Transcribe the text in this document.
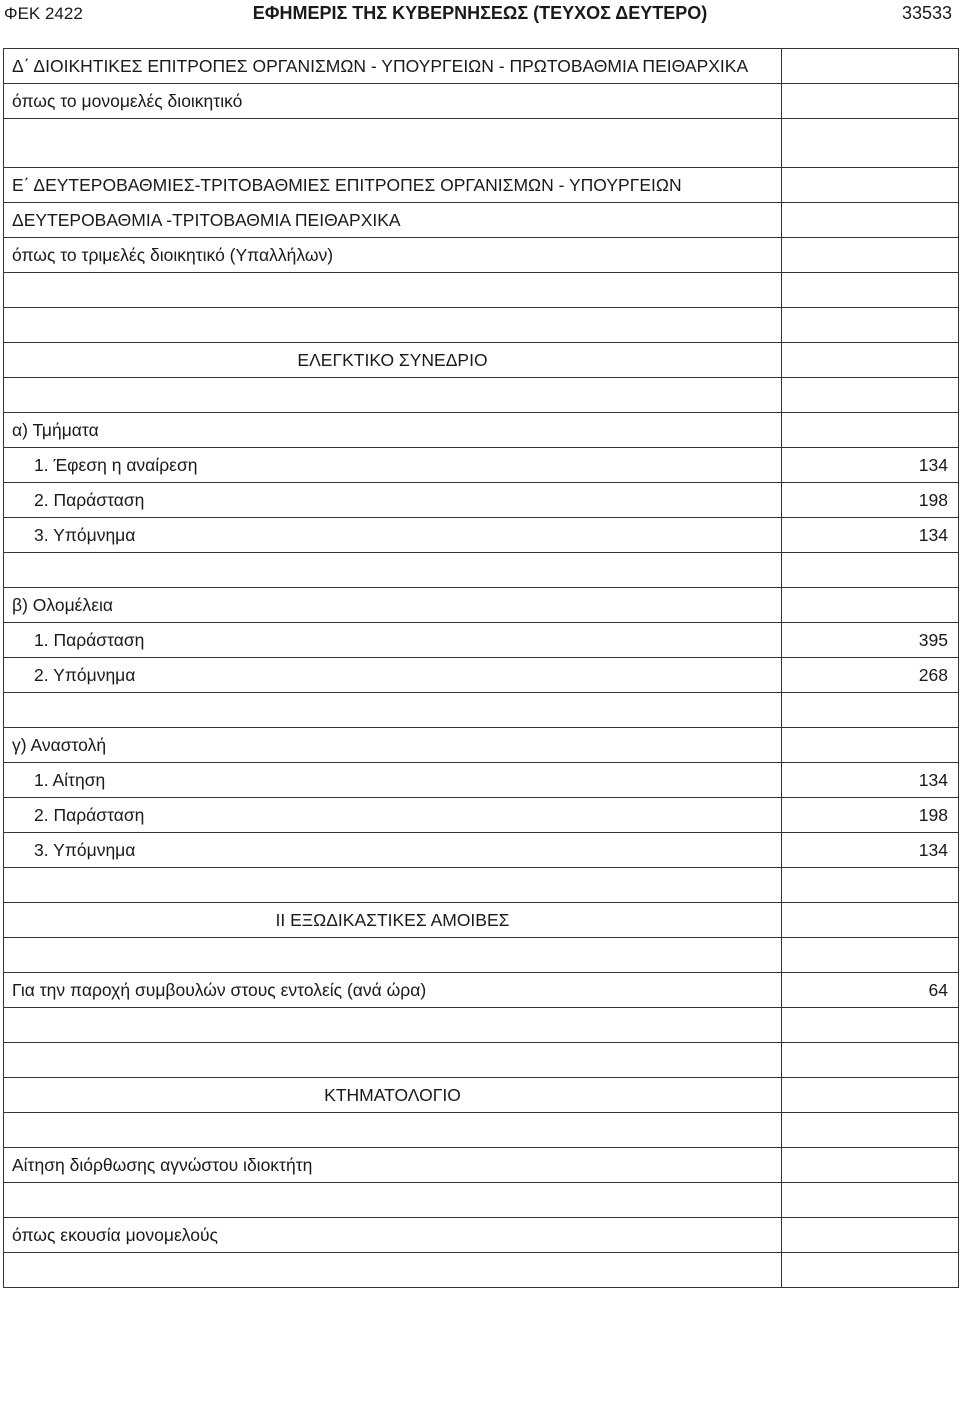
ΦΕΚ 2422	ΕΦΗΜΕΡΙΣ ΤΗΣ ΚΥΒΕΡΝΗΣΕΩΣ (ΤΕΥΧΟΣ ΔΕΥΤΕΡΟ)	33533
Δ΄ ΔΙΟΙΚΗΤΙΚΕΣ ΕΠΙΤΡΟΠΕΣ ΟΡΓΑΝΙΣΜΩΝ - ΥΠΟΥΡΓΕΙΩΝ - ΠΡΩΤΟΒΑΘΜΙΑ ΠΕΙΘΑΡΧΙΚΑ	
όπως το μονομελές διοικητικό	

Ε΄ ΔΕΥΤΕΡΟΒΑΘΜΙΕΣ-ΤΡΙΤΟΒΑΘΜΙΕΣ ΕΠΙΤΡΟΠΕΣ ΟΡΓΑΝΙΣΜΩΝ - ΥΠΟΥΡΓΕΙΩΝ	
ΔΕΥΤΕΡΟΒΑΘΜΙΑ -ΤΡΙΤΟΒΑΘΜΙΑ ΠΕΙΘΑΡΧΙΚΑ	
όπως το τριμελές διοικητικό (Υπαλλήλων)	

ΕΛΕΓΚΤΙΚΟ ΣΥΝΕΔΡΙΟ	

α) Τμήματα	
1. Έφεση η αναίρεση	134
2. Παράσταση	198
3. Υπόμνημα	134

β) Ολομέλεια	
1. Παράσταση	395
2. Υπόμνημα	268

γ) Αναστολή	
1. Αίτηση	134
2. Παράσταση	198
3. Υπόμνημα	134

ΙΙ ΕΞΩΔΙΚΑΣΤΙΚΕΣ ΑΜΟΙΒΕΣ	

Για την παροχή συμβουλών στους εντολείς (ανά ώρα)	64

ΚΤΗΜΑΤΟΛΟΓΙΟ	

Αίτηση διόρθωσης αγνώστου ιδιοκτήτη	

όπως εκουσία μονομελούς	
